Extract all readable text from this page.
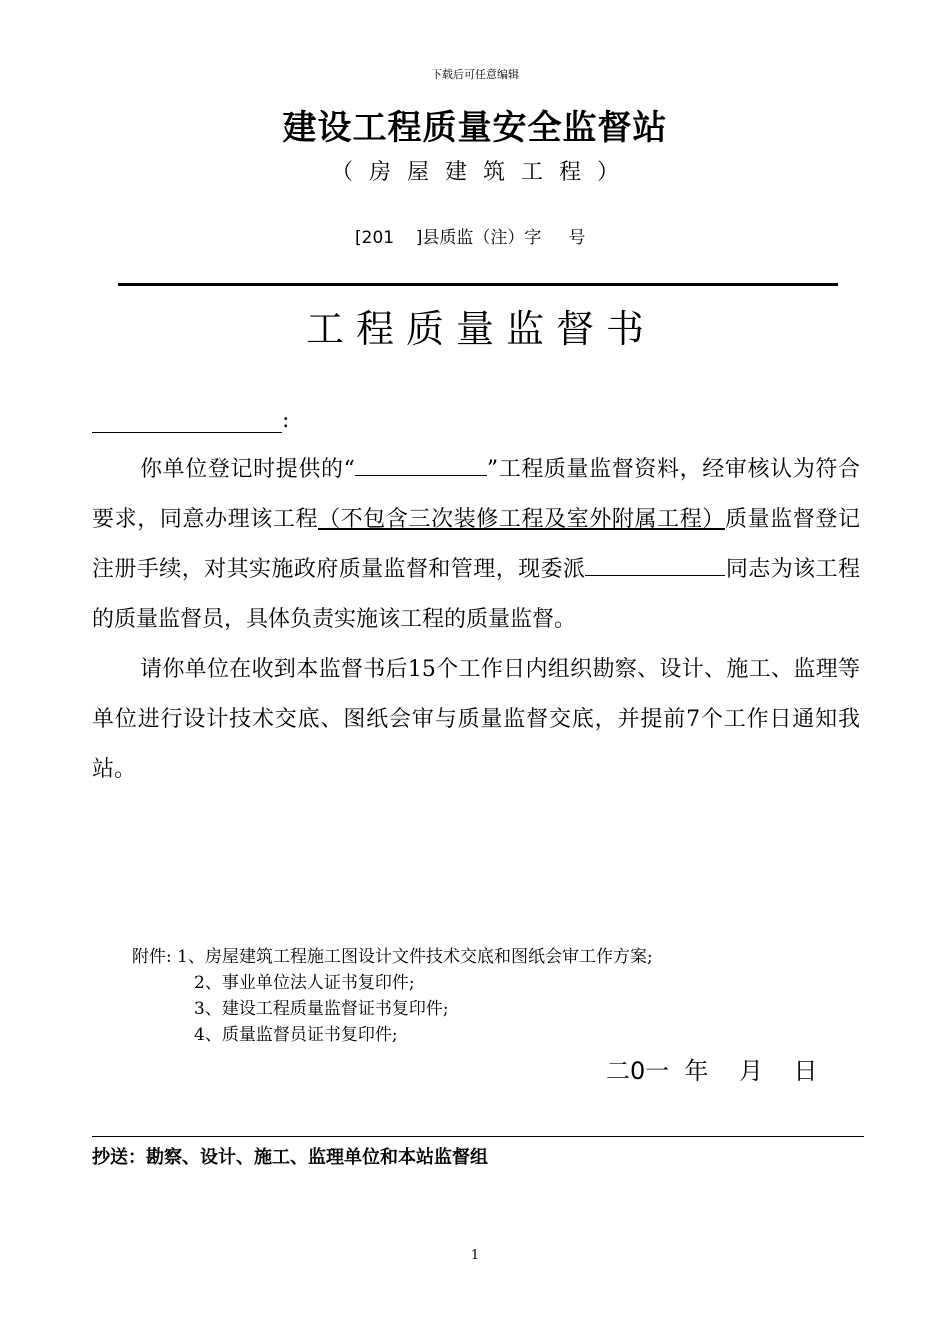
下载后可任意编辑
建设工程质量安全监督站
（ 房 屋 建 筑 工 程 ）
[201    ]县质监（注）字     号
工 程 质 量 监 督 书
:

你单位登记时提供的“	”工程质量监督资料，经审核认为符合要求，同意办理该工程（不包含三次装修工程及室外附属工程）质量监督登记注册手续，对其实施政府质量监督和管理，现委派	同志为该工程的质量监督员，具体负责实施该工程的质量监督。

请你单位在收到本监督书后15个工作日内组织勘察、设计、施工、监理等单位进行设计技术交底、图纸会审与质量监督交底，并提前7个工作日通知我站。

附件: 1、房屋建筑工程施工图设计文件技术交底和图纸会审工作方案;
2、事业单位法人证书复印件;
3、建设工程质量监督证书复印件;
4、质量监督员证书复印件;
二0一  年    月    日
抄送：勘察、设计、施工、监理单位和本站监督组
1
